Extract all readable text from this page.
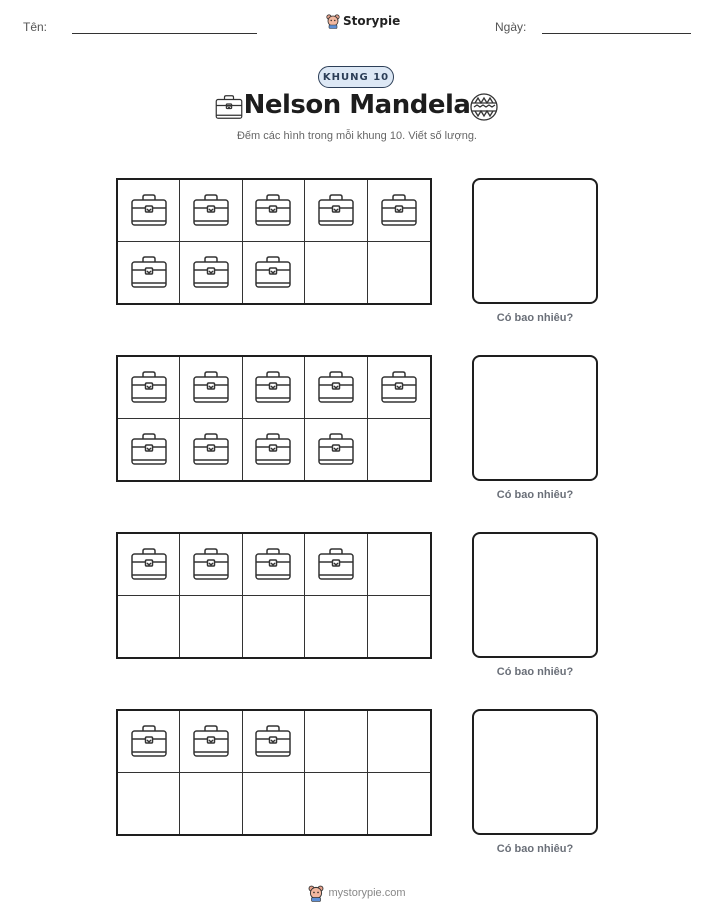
Tên:	Storypie	Ngày:
KHUNG 10
Nelson Mandela
Đếm các hình trong mỗi khung 10. Viết số lượng.
Có bao nhiêu?
Có bao nhiêu?
Có bao nhiêu?
Có bao nhiêu?
mystorypie.com
